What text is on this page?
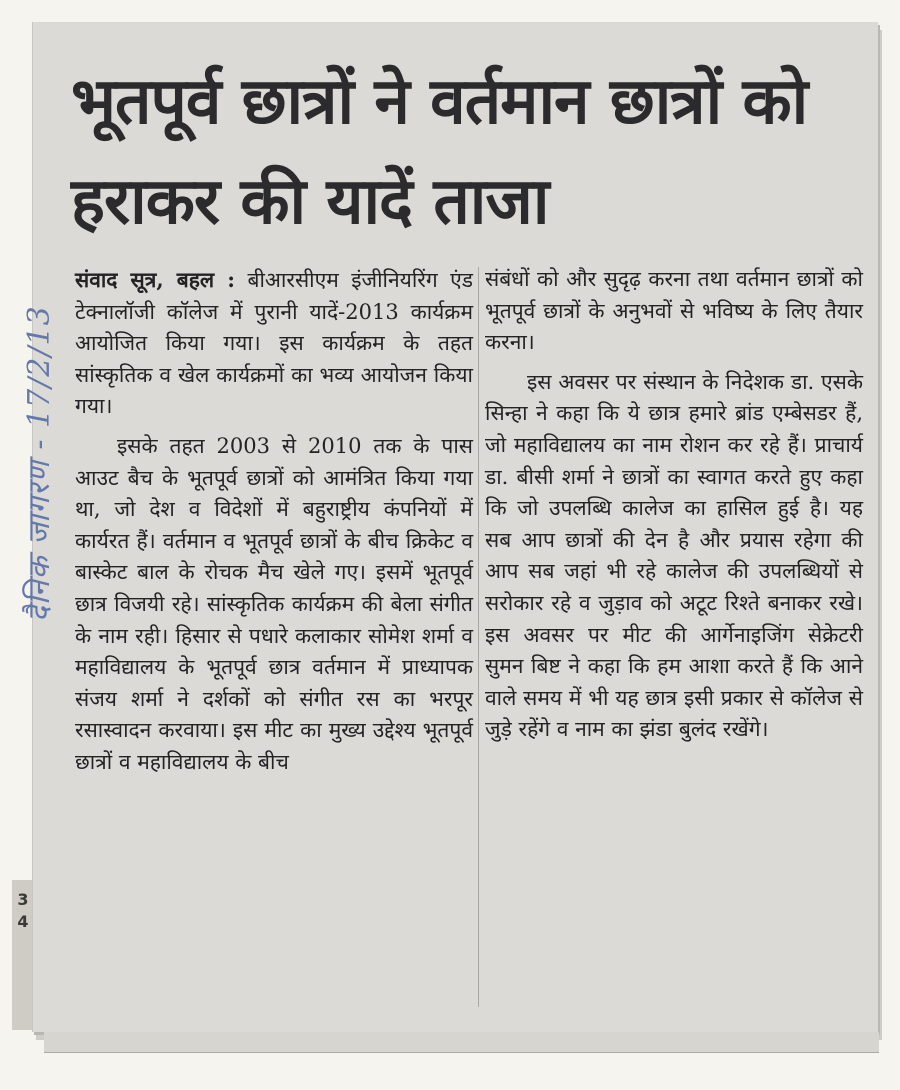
3
4
भूतपूर्व छात्रों ने वर्तमान छात्रों को हराकर की यादें ताजा
दैनिक जागरण - 17/2/13

संवाद सूत्र, बहल : बीआरसीएम इंजीनियरिंग एंड टेक्नालॉजी कॉलेज में पुरानी यादें-2013 कार्यक्रम आयोजित किया गया। इस कार्यक्रम के तहत सांस्कृतिक व खेल कार्यक्रमों का भव्य आयोजन किया गया।

इसके तहत 2003 से 2010 तक के पास आउट बैच के भूतपूर्व छात्रों को आमंत्रित किया गया था, जो देश व विदेशों में बहुराष्ट्रीय कंपनियों में कार्यरत हैं। वर्तमान व भूतपूर्व छात्रों के बीच क्रिकेट व बास्केट बाल के रोचक मैच खेले गए। इसमें भूतपूर्व छात्र विजयी रहे। सांस्कृतिक कार्यक्रम की बेला संगीत के नाम रही। हिसार से पधारे कलाकार सोमेश शर्मा व महाविद्यालय के भूतपूर्व छात्र वर्तमान में प्राध्यापक संजय शर्मा ने दर्शकों को संगीत रस का भरपूर रसास्वादन करवाया। इस मीट का मुख्य उद्देश्य भूतपूर्व छात्रों व महाविद्यालय के बीच

संबंधों को और सुदृढ़ करना तथा वर्तमान छात्रों को भूतपूर्व छात्रों के अनुभवों से भविष्य के लिए तैयार करना।

इस अवसर पर संस्थान के निदेशक डा. एसके सिन्हा ने कहा कि ये छात्र हमारे ब्रांड एम्बेसडर हैं, जो महाविद्यालय का नाम रोशन कर रहे हैं। प्राचार्य डा. बीसी शर्मा ने छात्रों का स्वागत करते हुए कहा कि जो उपलब्धि कालेज का हासिल हुई है। यह सब आप छात्रों की देन है और प्रयास रहेगा की आप सब जहां भी रहे कालेज की उपलब्धियों से सरोकार रहे व जुड़ाव को अटूट रिश्ते बनाकर रखे। इस अवसर पर मीट की आर्गेनाइजिंग सेक्रेटरी सुमन बिष्ट ने कहा कि हम आशा करते हैं कि आने वाले समय में भी यह छात्र इसी प्रकार से कॉलेज से जुड़े रहेंगे व नाम का झंडा बुलंद रखेंगे।
